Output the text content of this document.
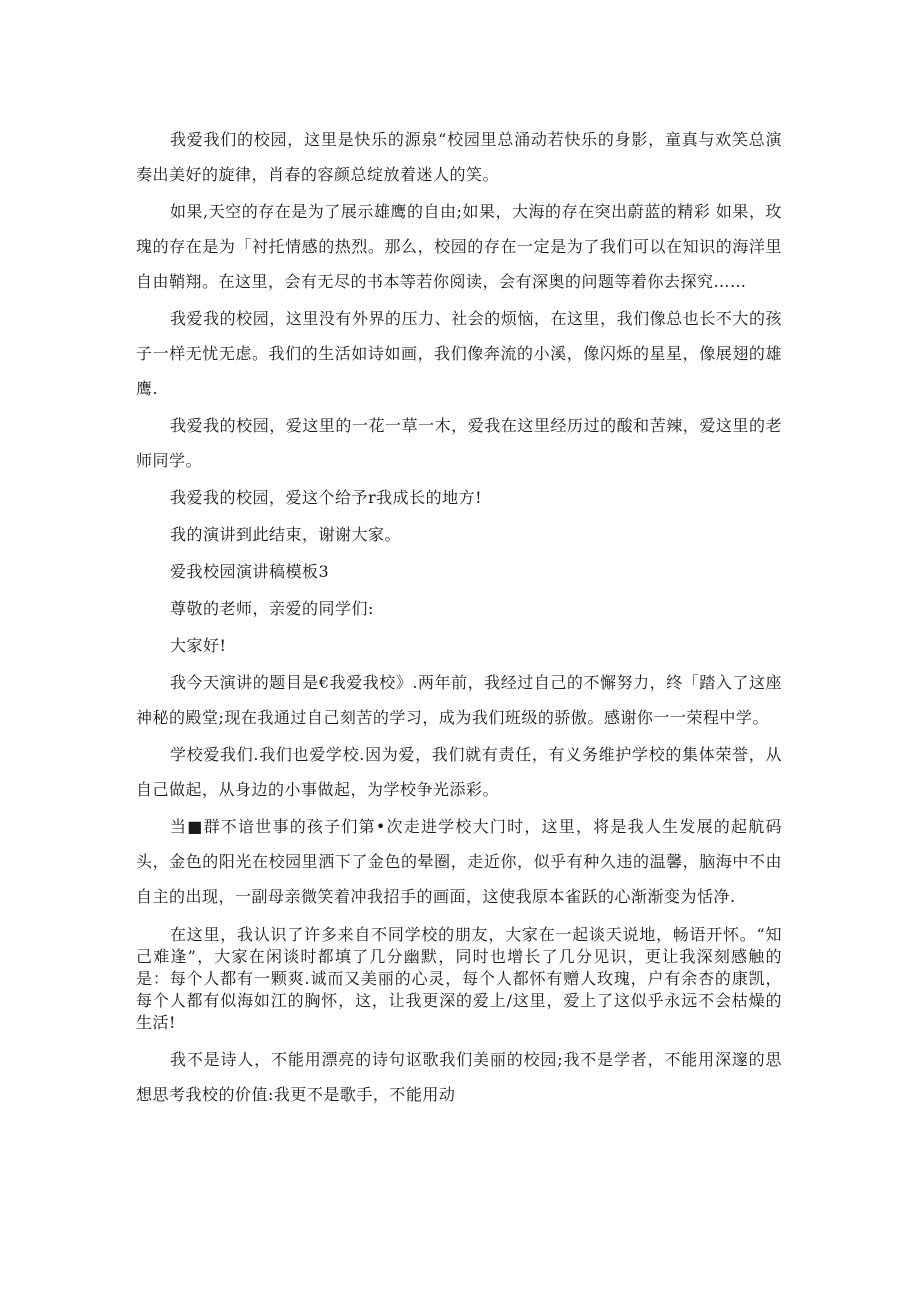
我爱我们的校园，这里是快乐的源泉“校园里总涌动若快乐的身影，童真与欢笑总演奏出美好的旋律，肖春的容颜总绽放着迷人的笑。

如果,天空的存在是为了展示雄鹰的自由;如果，大海的存在突出蔚蓝的精彩 如果，玫瑰的存在是为「衬托情感的热烈。那么，校园的存在一定是为了我们可以在知识的海洋里自由鞘翔。在这里，会有无尽的书本等若你阅读，会有深奥的问题等着你去探究……

我爱我的校园，这里没有外界的压力、社会的烦恼，在这里，我们像总也长不大的孩子一样无忧无虑。我们的生活如诗如画，我们像奔流的小溪，像闪烁的星星，像展翅的雄鹰.

我爱我的校园，爱这里的一花一草一木，爱我在这里经历过的酸和苦辣，爱这里的老师同学。

我爱我的校园，爱这个给予r我成长的地方!

我的演讲到此结束，谢谢大家。

爱我校园演讲稿模板3

尊敬的老师，亲爱的同学们:

大家好!

我今天演讲的题目是€我爱我校》.两年前，我经过自己的不懈努力，终「踏入了这座神秘的殿堂;现在我通过自己刻苦的学习，成为我们班级的骄傲。感谢你一一荣程中学。

学校爱我们.我们也爱学校.因为爱，我们就有责任，有义务维护学校的集体荣誉，从自己做起，从身边的小事做起，为学校争光添彩。

当■群不谙世事的孩子们第•次走进学校大门时，这里，将是我人生发展的起航码头，金色的阳光在校园里洒下了金色的晕圈，走近你，似乎有种久违的温馨，脑海中不由自主的出现，一副母亲微笑着冲我招手的画面，这使我原本雀跃的心渐渐变为恬净.

在这里，我认识了许多来自不同学校的朋友，大家在一起谈天说地，畅语开怀。“知己难逢”，大家在闲谈时都填了几分幽默，同时也增长了几分见识，更让我深刻感触的是：每个人都有一颗爽.诚而又美丽的心灵，每个人都怀有赠人玫瑰，户有余杏的康凯，每个人都有似海如江的胸怀，这，让我更深的爱上/这里，爱上了这似乎永远不会枯燥的生活!

我不是诗人，不能用漂亮的诗句讴歌我们美丽的校园;我不是学者，不能用深邃的思想思考我校的价值:我更不是歌手，不能用动
